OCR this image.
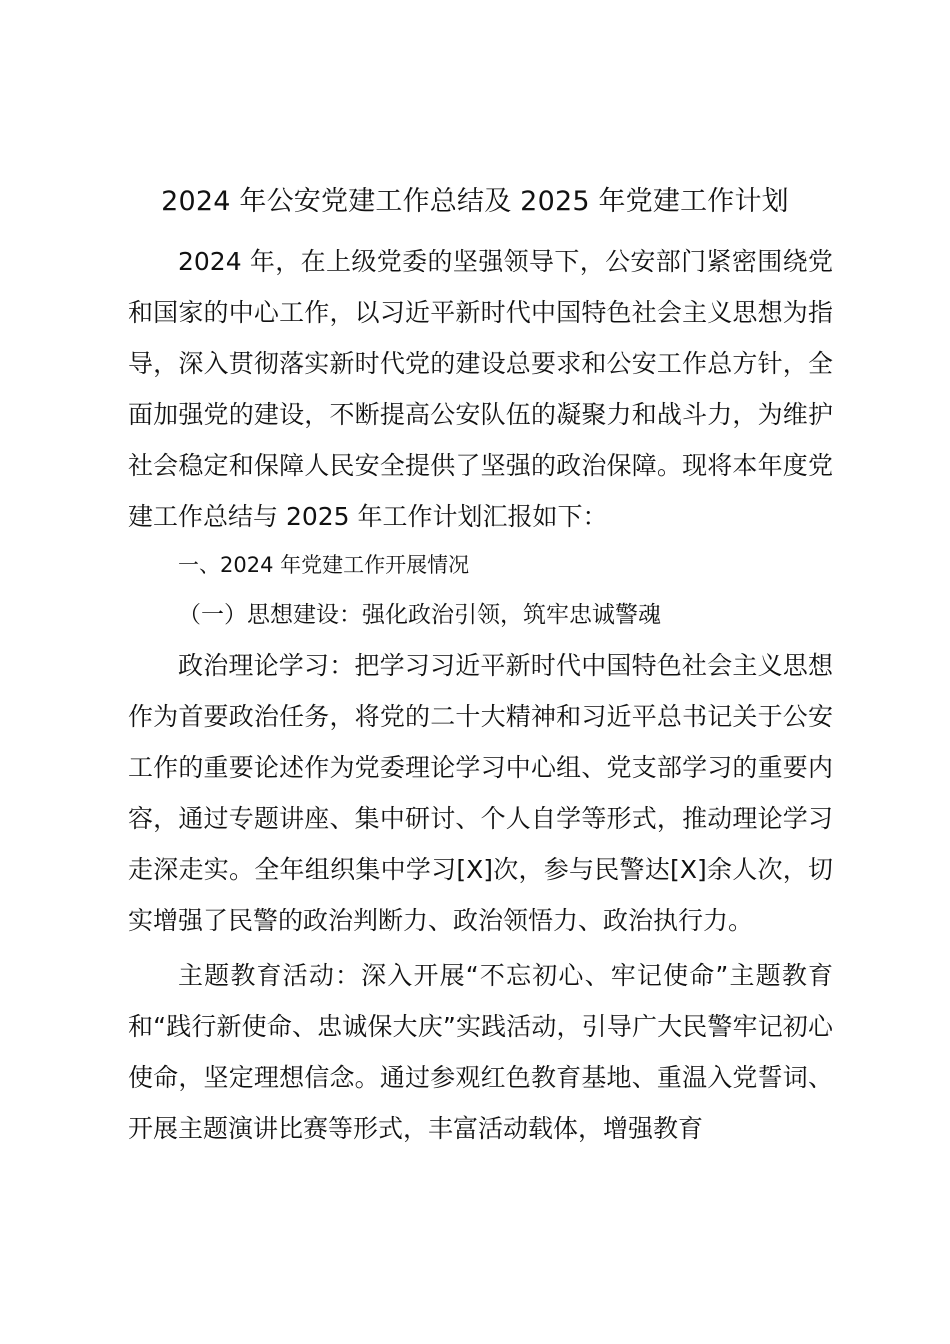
2024 年公安党建工作总结及 2025 年党建工作计划

2024 年，在上级党委的坚强领导下，公安部门紧密围绕党和国家的中心工作，以习近平新时代中国特色社会主义思想为指导，深入贯彻落实新时代党的建设总要求和公安工作总方针，全面加强党的建设，不断提高公安队伍的凝聚力和战斗力，为维护社会稳定和保障人民安全提供了坚强的政治保障。现将本年度党建工作总结与 2025 年工作计划汇报如下：

一、2024 年党建工作开展情况

（一）思想建设：强化政治引领，筑牢忠诚警魂

政治理论学习：把学习习近平新时代中国特色社会主义思想作为首要政治任务，将党的二十大精神和习近平总书记关于公安工作的重要论述作为党委理论学习中心组、党支部学习的重要内容，通过专题讲座、集中研讨、个人自学等形式，推动理论学习走深走实。全年组织集中学习[X]次，参与民警达[X]余人次，切实增强了民警的政治判断力、政治领悟力、政治执行力。

主题教育活动：深入开展“不忘初心、牢记使命”主题教育和“践行新使命、忠诚保大庆”实践活动，引导广大民警牢记初心使命，坚定理想信念。通过参观红色教育基地、重温入党誓词、开展主题演讲比赛等形式，丰富活动载体，增强教育
